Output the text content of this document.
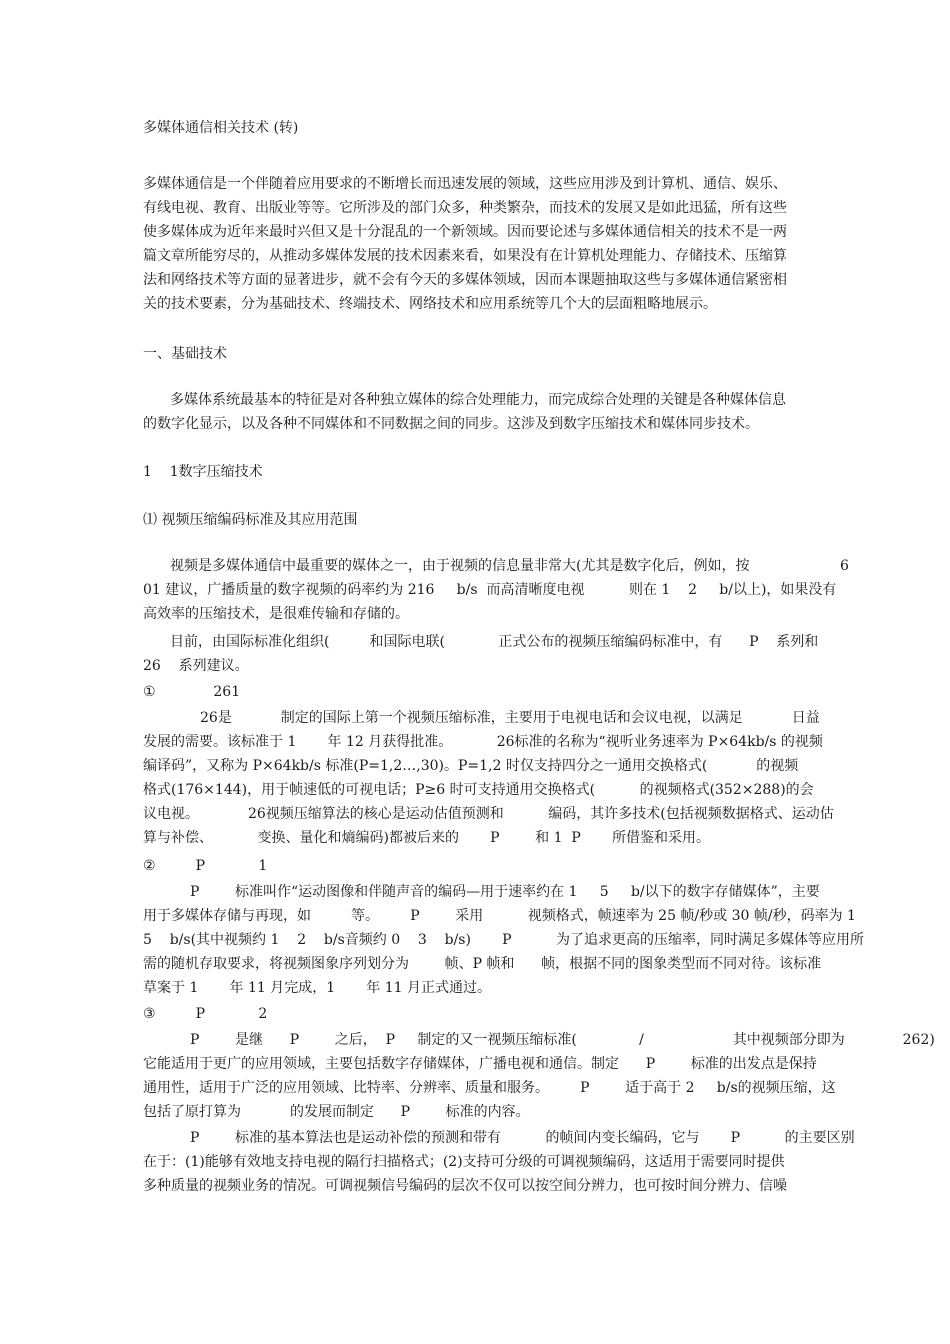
多媒体通信相关技术 (转)
多媒体通信是一个伴随着应用要求的不断增长而迅速发展的领域，这些应用涉及到计算机、通信、娱乐、
有线电视、教育、出版业等等。它所涉及的部门众多，种类繁杂，而技术的发展又是如此迅猛，所有这些
使多媒体成为近年来最时兴但又是十分混乱的一个新领域。因而要论述与多媒体通信相关的技术不是一两
篇文章所能穷尽的，从推动多媒体发展的技术因素来看，如果没有在计算机处理能力、存储技术、压缩算
法和网络技术等方面的显著进步，就不会有今天的多媒体领域，因而本课题抽取这些与多媒体通信紧密相
关的技术要素，分为基础技术、终端技术、网络技术和应用系统等几个大的层面粗略地展示。
一、基础技术
多媒体系统最基本的特征是对各种独立媒体的综合处理能力，而完成综合处理的关键是各种媒体信息
的数字化显示，以及各种不同媒体和不同数据之间的同步。这涉及到数字压缩技术和媒体同步技术。
1    1数字压缩技术
⑴ 视频压缩编码标准及其应用范围
视频是多媒体通信中最重要的媒体之一，由于视频的信息量非常大(尤其是数字化后，例如，按	6
01 建议，广播质量的数字视频的码率约为 216     b/s  而高清晰度电视          则在 1    2     b/以上)，如果没有
高效率的压缩技术，是很难传输和存储的。
目前，由国际标准化组织(         和国际电联(            正式公布的视频压缩编码标准中，有      P    系列和
26    系列建议。
①             261
26是           制定的国际上第一个视频压缩标准，主要用于电视电话和会议电视，以满足           日益
发展的需要。该标准于 1       年 12 月获得批准。          26标准的名称为“视听业务速率为 P×64kb/s 的视频
编译码”，又称为 P×64kb/s 标准(P=1,2…,30)。P=1,2 时仅支持四分之一通用交换格式(           的视频
格式(176×144)，用于帧速低的可视电话；P≥6 时可支持通用交换格式(          的视频格式(352×288)的会
议电视。           26视频压缩算法的核心是运动估值预测和          编码，其许多技术(包括视频数据格式、运动估
算与补偿、          变换、量化和熵编码)都被后来的       P        和 1  P       所借鉴和采用。
②         P            1
P        标准叫作“运动图像和伴随声音的编码—用于速率约在 1     5     b/以下的数字存储媒体”，主要
用于多媒体存储与再现，如         等。       P        采用          视频格式，帧速率为 25 帧/秒或 30 帧/秒，码率为 1
5    b/s(其中视频约 1    2    b/s音频约 0    3    b/s)       P          为了追求更高的压缩率，同时满足多媒体等应用所
需的随机存取要求，将视频图象序列划分为        帧、P 帧和      帧，根据不同的图象类型而不同对待。该标准
草案于 1       年 11 月完成，1       年 11 月正式通过。
③         P            2
P        是继      P        之后，  P     制定的又一视频压缩标准(              /                    其中视频部分即为             262)
它能适用于更广的应用领域，主要包括数字存储媒体，广播电视和通信。制定      P        标准的出发点是保持
通用性，适用于广泛的应用领域、比特率、分辨率、质量和服务。       P        适于高于 2     b/s的视频压缩，这
包括了原打算为           的发展而制定      P        标准的内容。
P        标准的基本算法也是运动补偿的预测和带有          的帧间内变长编码，它与       P          的主要区别
在于：(1)能够有效地支持电视的隔行扫描格式；(2)支持可分级的可调视频编码，这适用于需要同时提供
多种质量的视频业务的情况。可调视频信号编码的层次不仅可以按空间分辨力，也可按时间分辨力、信噪
